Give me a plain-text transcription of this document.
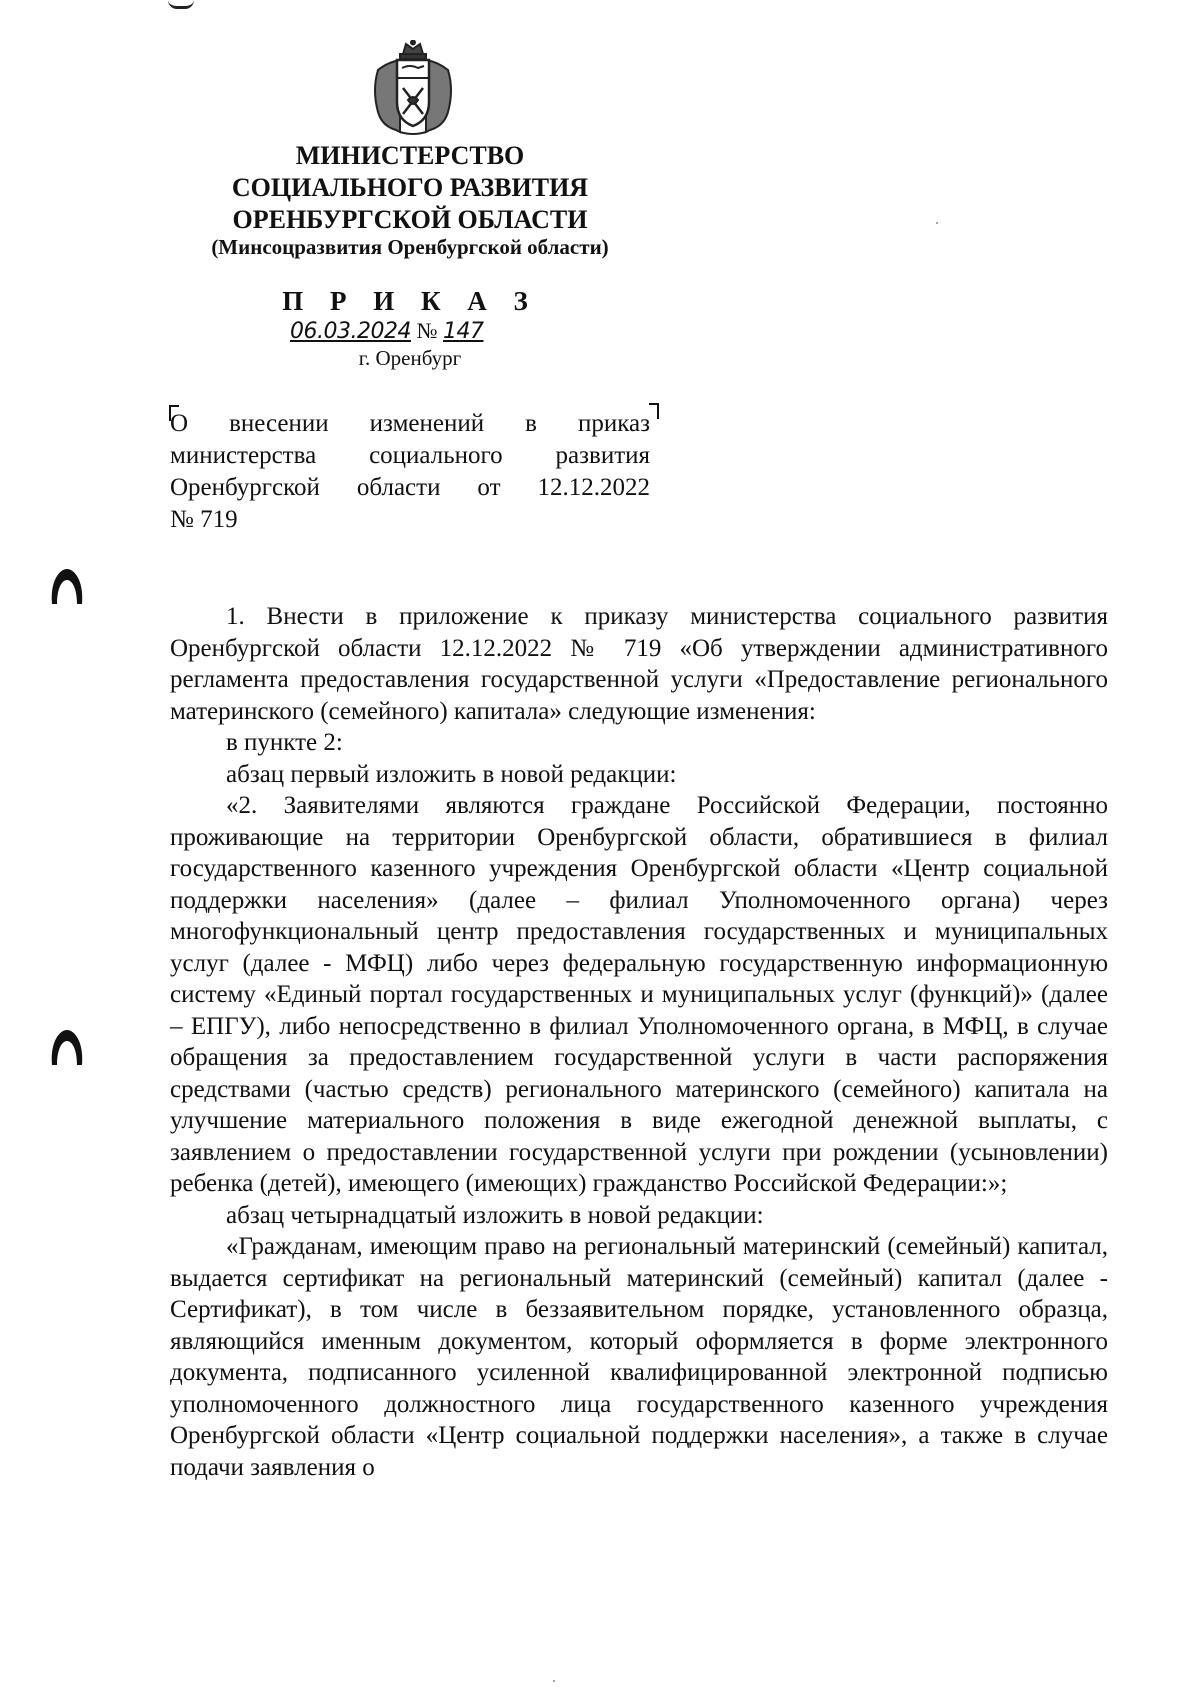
МИНИСТЕРСТВО
СОЦИАЛЬНОГО РАЗВИТИЯ
ОРЕНБУРГСКОЙ ОБЛАСТИ
(Минсоцразвития Оренбургской области)
П Р И К А З
06.03.2024 № 147
г. Оренбург
О внесении изменений в приказ
министерства социального развития
Оренбургской области от 12.12.2022
№ 719

1. Внести в приложение к приказу министерства социального развития Оренбургской области 12.12.2022 № 719 «Об утверждении административного регламента предоставления государственной услуги «Предоставление регионального материнского (семейного) капитала» следующие изменения:

в пункте 2:

абзац первый изложить в новой редакции:

«2. Заявителями являются граждане Российской Федерации, постоянно проживающие на территории Оренбургской области, обратившиеся в филиал государственного казенного учреждения Оренбургской области «Центр социальной поддержки населения» (далее – филиал Уполномоченного органа) через многофункциональный центр предоставления государственных и муниципальных услуг (далее - МФЦ) либо через федеральную государственную информационную систему «Единый портал государственных и муниципальных услуг (функций)» (далее – ЕПГУ), либо непосредственно в филиал Уполномоченного органа, в МФЦ, в случае обращения за предоставлением государственной услуги в части распоряжения средствами (частью средств) регионального материнского (семейного) капитала на улучшение материального положения в виде ежегодной денежной выплаты, с заявлением о предоставлении государственной услуги при рождении (усыновлении) ребенка (детей), имеющего (имеющих) гражданство Российской Федерации:»;

абзац четырнадцатый изложить в новой редакции:

«Гражданам, имеющим право на региональный материнский (семейный) капитал, выдается сертификат на региональный материнский (семейный) капитал (далее - Сертификат), в том числе в беззаявительном порядке, установленного образца, являющийся именным документом, который оформляется в форме электронного документа, подписанного усиленной квалифицированной электронной подписью уполномоченного должностного лица государственного казенного учреждения Оренбургской области «Центр социальной поддержки населения», а также в случае подачи заявления о
